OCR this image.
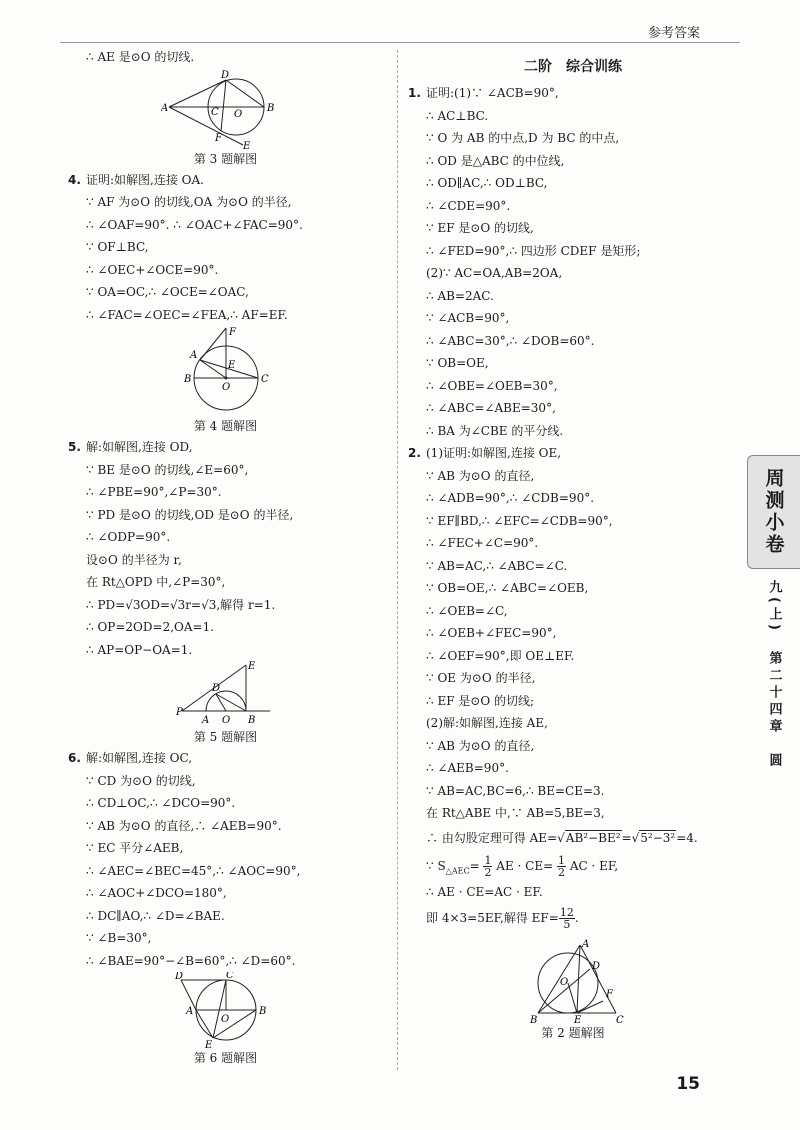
参考答案
∴ AE 是⊙O 的切线.
A
D
B
C O
F
E
第 3 题解图
4. 证明:如解图,连接 OA.
∵ AF 为⊙O 的切线,OA 为⊙O 的半径,
∴ ∠OAF=90°. ∴ ∠OAC+∠FAC=90°.
∵ OF⊥BC,
∴ ∠OEC+∠OCE=90°.
∵ OA=OC,∴ ∠OCE=∠OAC,
∴ ∠FAC=∠OEC=∠FEA,∴ AF=EF.
F
A
B	C
E
O
第 4 题解图
5. 解:如解图,连接 OD,
∵ BE 是⊙O 的切线,∠E=60°,
∴ ∠PBE=90°,∠P=30°.
∵ PD 是⊙O 的切线,OD 是⊙O 的半径,
∴ ∠ODP=90°.
设⊙O 的半径为 r,
在 Rt△OPD 中,∠P=30°,
∴ PD=√3OD=√3r=√3,解得 r=1.
∴ OP=2OD=2,OA=1.
∴ AP=OP−OA=1.
P
A O B
D
E
第 5 题解图
6. 解:如解图,连接 OC,
∵ CD 为⊙O 的切线,
∴ CD⊥OC,∴ ∠DCO=90°.
∵ AB 为⊙O 的直径,∴ ∠AEB=90°.
∵ EC 平分∠AEB,
∴ ∠AEC=∠BEC=45°,∴ ∠AOC=90°,
∴ ∠AOC+∠DCO=180°,
∴ DC∥AO,∴ ∠D=∠BAE.
∵ ∠B=30°,
∴ ∠BAE=90°−∠B=60°,∴ ∠D=60°.
D	C
A	B
O
E
第 6 题解图
二阶　综合训练
1. 证明:(1)∵ ∠ACB=90°,
∴ AC⊥BC.
∵ O 为 AB 的中点,D 为 BC 的中点,
∴ OD 是△ABC 的中位线,
∴ OD∥AC,∴ OD⊥BC,
∴ ∠CDE=90°.
∵ EF 是⊙O 的切线,
∴ ∠FED=90°,∴ 四边形 CDEF 是矩形;
(2)∵ AC=OA,AB=2OA,
∴ AB=2AC.
∵ ∠ACB=90°,
∴ ∠ABC=30°,∴ ∠DOB=60°.
∵ OB=OE,
∴ ∠OBE=∠OEB=30°,
∴ ∠ABC=∠ABE=30°,
∴ BA 为∠CBE 的平分线.
2. (1)证明:如解图,连接 OE,
∵ AB 为⊙O 的直径,
∴ ∠ADB=90°,∴ ∠CDB=90°.
∵ EF∥BD,∴ ∠EFC=∠CDB=90°,
∴ ∠FEC+∠C=90°.
∵ AB=AC,∴ ∠ABC=∠C.
∵ OB=OE,∴ ∠ABC=∠OEB,
∴ ∠OEB=∠C,
∴ ∠OEB+∠FEC=90°,
∴ ∠OEF=90°,即 OE⊥EF.
∵ OE 为⊙O 的半径,
∴ EF 是⊙O 的切线;
(2)解:如解图,连接 AE,
∵ AB 为⊙O 的直径,
∴ ∠AEB=90°.
∵ AB=AC,BC=6,∴ BE=CE=3.
在 Rt△ABE 中,∵ AB=5,BE=3,
∴ 由勾股定理可得 AE=√AB²−BE²=√5²−3²=4.
∵ $S_{\triangle AEC}= \frac{1}{2}$ AE · $CE= \frac{1}{2}$ AC · EF,
∴ AE · CE=AC · EF.
即 4×3=5EF,解得 $EF= \frac{12}{5}$ .
A
D
F
O
B	E	C
第 2 题解图
周测小卷
九(上)　第二十四章　圆
15
